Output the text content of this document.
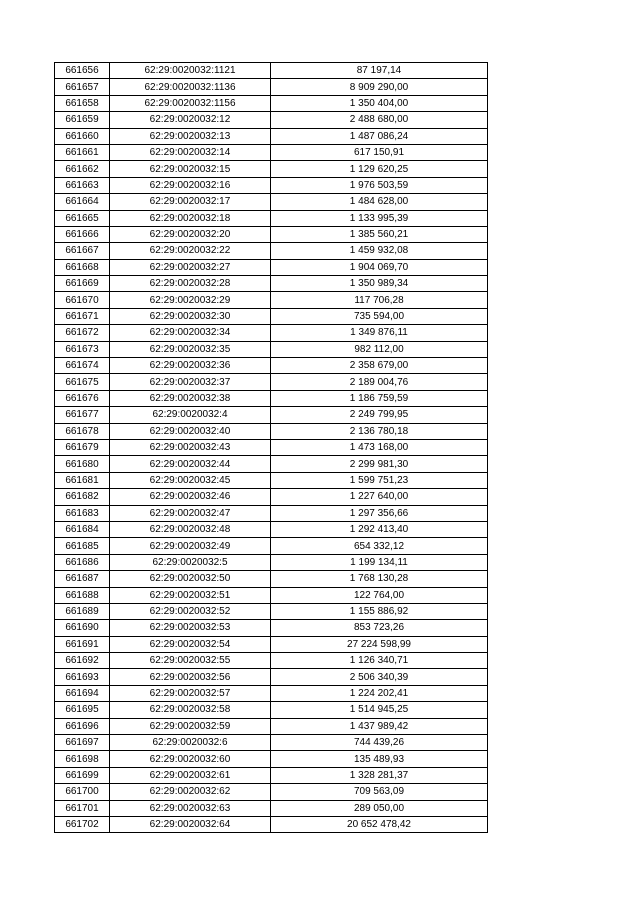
661656	62:29:0020032:1121	87 197,14
661657	62:29:0020032:1136	8 909 290,00
661658	62:29:0020032:1156	1 350 404,00
661659	62:29:0020032:12	2 488 680,00
661660	62:29:0020032:13	1 487 086,24
661661	62:29:0020032:14	617 150,91
661662	62:29:0020032:15	1 129 620,25
661663	62:29:0020032:16	1 976 503,59
661664	62:29:0020032:17	1 484 628,00
661665	62:29:0020032:18	1 133 995,39
661666	62:29:0020032:20	1 385 560,21
661667	62:29:0020032:22	1 459 932,08
661668	62:29:0020032:27	1 904 069,70
661669	62:29:0020032:28	1 350 989,34
661670	62:29:0020032:29	117 706,28
661671	62:29:0020032:30	735 594,00
661672	62:29:0020032:34	1 349 876,11
661673	62:29:0020032:35	982 112,00
661674	62:29:0020032:36	2 358 679,00
661675	62:29:0020032:37	2 189 004,76
661676	62:29:0020032:38	1 186 759,59
661677	62:29:0020032:4	2 249 799,95
661678	62:29:0020032:40	2 136 780,18
661679	62:29:0020032:43	1 473 168,00
661680	62:29:0020032:44	2 299 981,30
661681	62:29:0020032:45	1 599 751,23
661682	62:29:0020032:46	1 227 640,00
661683	62:29:0020032:47	1 297 356,66
661684	62:29:0020032:48	1 292 413,40
661685	62:29:0020032:49	654 332,12
661686	62:29:0020032:5	1 199 134,11
661687	62:29:0020032:50	1 768 130,28
661688	62:29:0020032:51	122 764,00
661689	62:29:0020032:52	1 155 886,92
661690	62:29:0020032:53	853 723,26
661691	62:29:0020032:54	27 224 598,99
661692	62:29:0020032:55	1 126 340,71
661693	62:29:0020032:56	2 506 340,39
661694	62:29:0020032:57	1 224 202,41
661695	62:29:0020032:58	1 514 945,25
661696	62:29:0020032:59	1 437 989,42
661697	62:29:0020032:6	744 439,26
661698	62:29:0020032:60	135 489,93
661699	62:29:0020032:61	1 328 281,37
661700	62:29:0020032:62	709 563,09
661701	62:29:0020032:63	289 050,00
661702	62:29:0020032:64	20 652 478,42
